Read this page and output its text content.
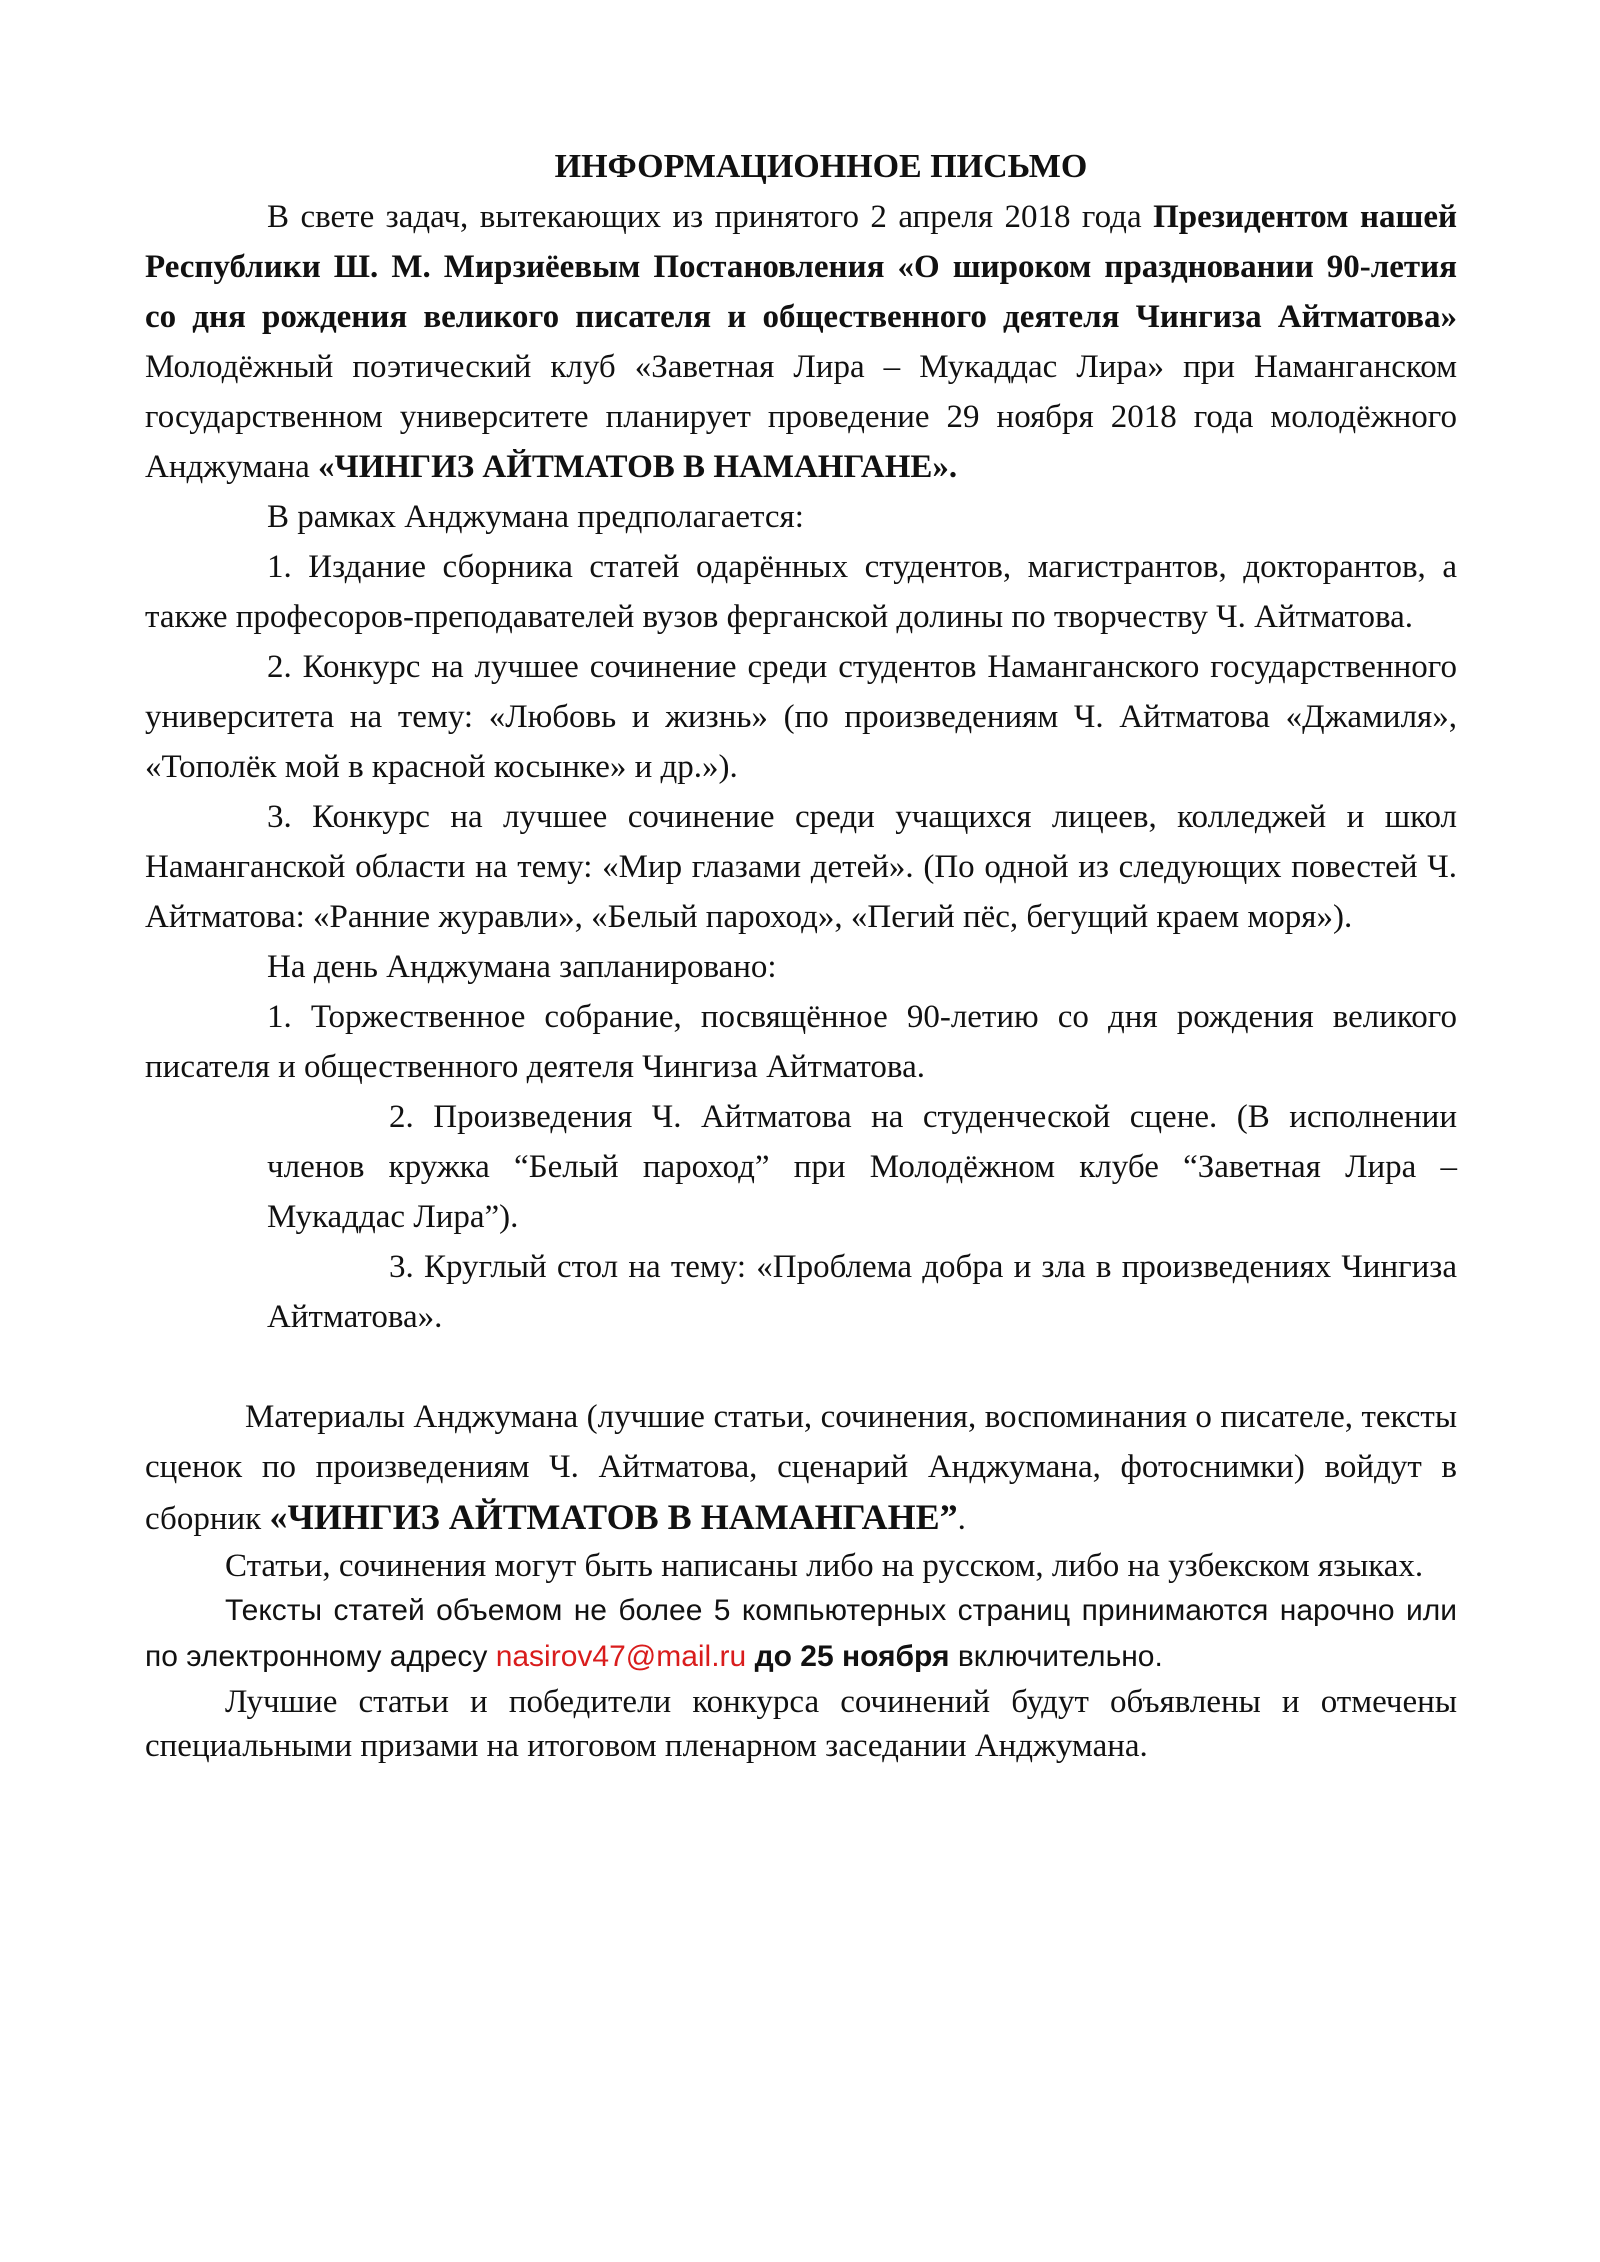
ИНФОРМАЦИОННОЕ ПИСЬМО

В свете задач, вытекающих из принятого 2 апреля 2018 года Президентом нашей Республики Ш. М. Мирзиёевым Постановления «О широком праздновании 90-летия со дня рождения великого писателя и общественного деятеля Чингиза Айтматова» Молодёжный поэтический клуб «Заветная Лира – Мукаддас Лира» при Наманганском государственном университете планирует проведение 29 ноября 2018 года молодёжного Анджумана «ЧИНГИЗ АЙТМАТОВ В НАМАНГАНЕ».

В рамках Анджумана предполагается:

1. Издание сборника статей одарённых студентов, магистрантов, докторантов, а также професоров-преподавателей вузов ферганской долины по творчеству Ч. Айтматова.

2. Конкурс на лучшее сочинение среди студентов Наманганского государственного университета на тему: «Любовь и жизнь» (по произведениям Ч. Айтматова «Джамиля», «Тополёк мой в красной косынке» и др.»).

3. Конкурс на лучшее сочинение среди учащихся лицеев, колледжей и школ Наманганской области на тему: «Мир глазами детей». (По одной из следующих повестей Ч. Айтматова: «Ранние журавли», «Белый пароход», «Пегий пёс, бегущий краем моря»).

На день Анджумана запланировано:

1. Торжественное собрание, посвящённое 90-летию со дня рождения великого писателя и общественного деятеля Чингиза Айтматова.

2. Произведения Ч. Айтматова на студенческой сцене. (В исполнении членов кружка “Белый пароход” при Молодёжном клубе “Заветная Лира – Мукаддас Лира”).

3. Круглый стол на тему: «Проблема добра и зла в произведениях Чингиза Айтматова».

Материалы Анджумана (лучшие статьи, сочинения, воспоминания о писателе, тексты сценок по произведениям Ч. Айтматова, сценарий Анджумана, фотоснимки) войдут в сборник «ЧИНГИЗ АЙТМАТОВ В НАМАНГАНЕ”.

Статьи, сочинения могут быть написаны либо на русском, либо на узбекском языках.

Тексты статей объемом не более 5 компьютерных страниц принимаются нарочно или по электронному адресу nasirov47@mail.ru до 25 ноября включительно.

Лучшие статьи и победители конкурса сочинений будут объявлены и отмечены специальными призами на итоговом пленарном заседании Анджумана.
